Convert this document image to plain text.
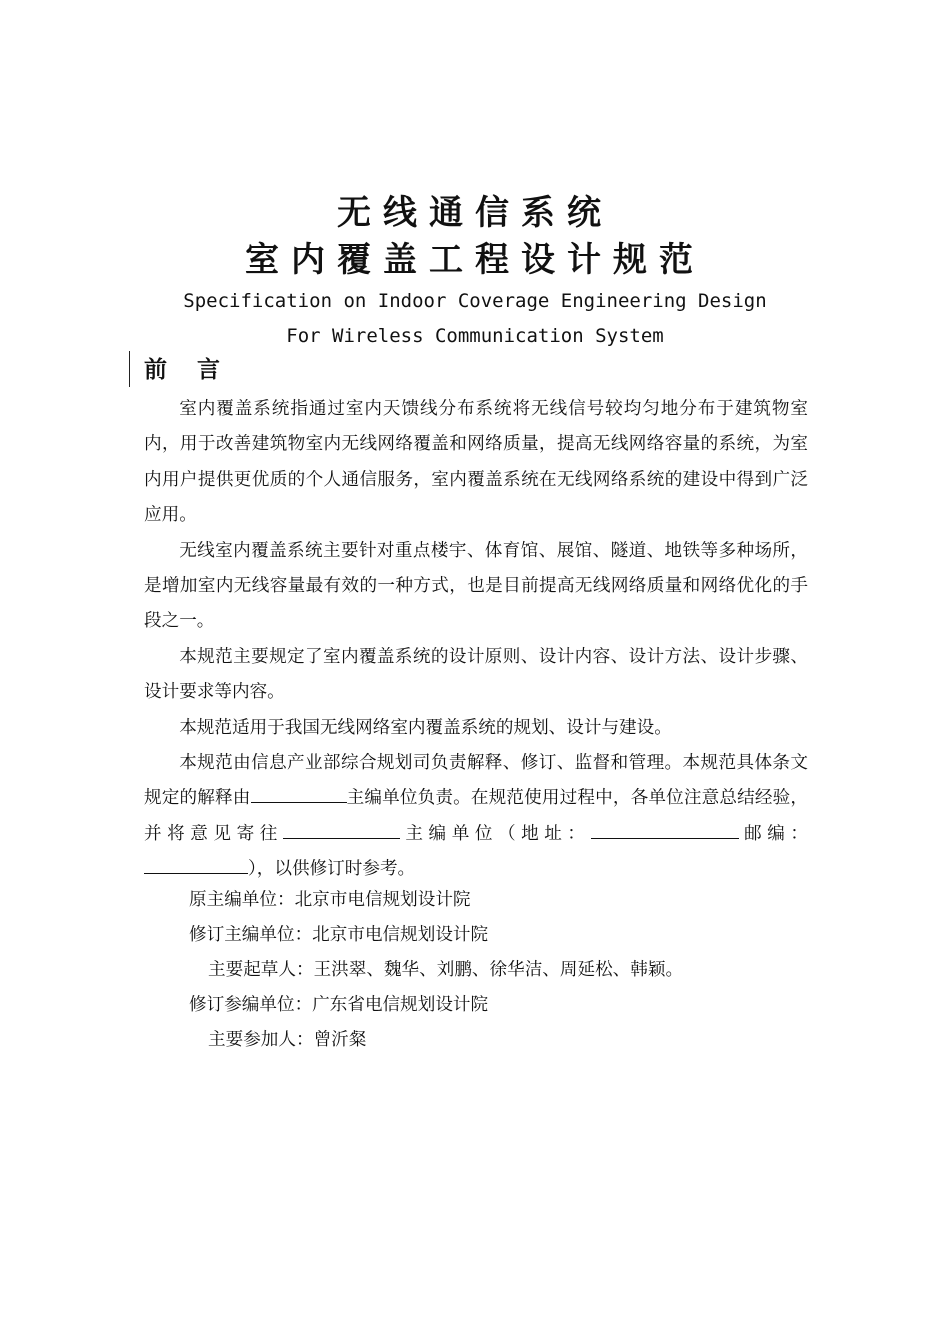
无线通信系统
室内覆盖工程设计规范
Specification on Indoor Coverage Engineering Design
For Wireless Communication System
前言

室内覆盖系统指通过室内天馈线分布系统将无线信号较均匀地分布于建筑物室内，用于改善建筑物室内无线网络覆盖和网络质量，提高无线网络容量的系统，为室内用户提供更优质的个人通信服务，室内覆盖系统在无线网络系统的建设中得到广泛应用。

无线室内覆盖系统主要针对重点楼宇、体育馆、展馆、隧道、地铁等多种场所，是增加室内无线容量最有效的一种方式，也是目前提高无线网络质量和网络优化的手段之一。

本规范主要规定了室内覆盖系统的设计原则、设计内容、设计方法、设计步骤、设计要求等内容。

本规范适用于我国无线网络室内覆盖系统的规划、设计与建设。

本规范由信息产业部综合规划司负责解释、修订、监督和管理。本规范具体条文规定的解释由	主编单位负责。在规范使用过程中，各单位注意总结经验，并将意见寄往	主编单位（地址：	邮编：），以供修订时参考。

原主编单位：北京市电信规划设计院
修订主编单位：北京市电信规划设计院
主要起草人：王洪翠、魏华、刘鹏、徐华洁、周延松、韩颖。
修订参编单位：广东省电信规划设计院
主要参加人：曾沂粲
